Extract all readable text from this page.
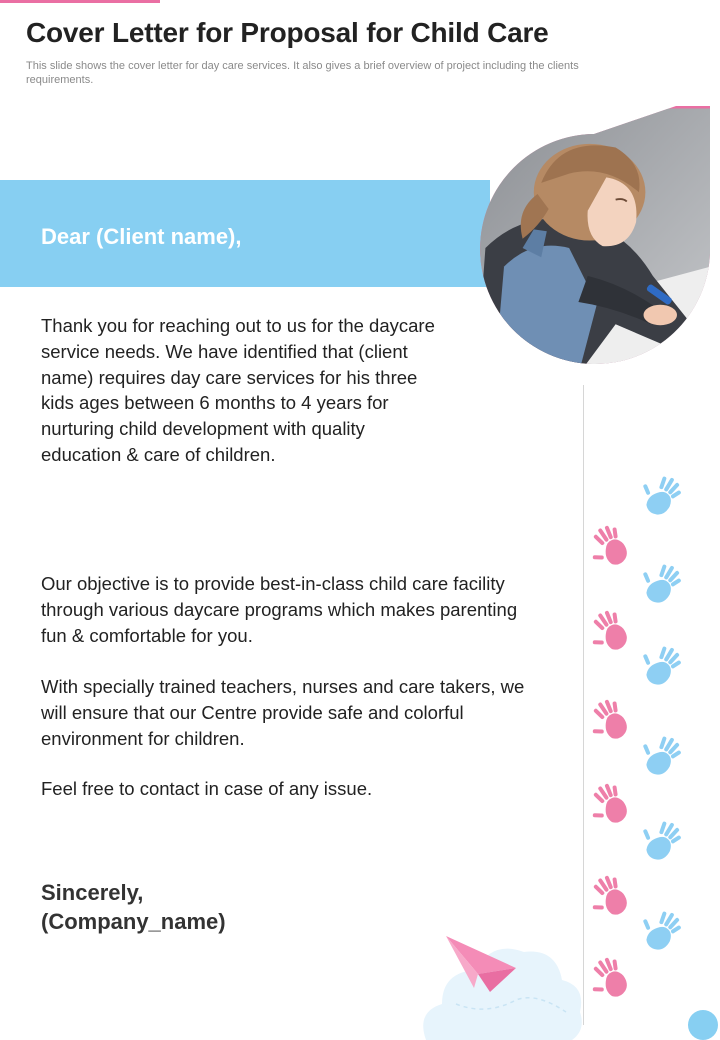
Cover Letter for Proposal for Child Care

This slide shows the cover letter for day care services. It also gives a brief overview of project including the clients requirements.

Dear (Client name),

Thank you for reaching out to us for the daycare service needs. We have identified that (client name) requires day care services for his three kids ages between 6 months to 4 years for nurturing child development with quality education & care of children.

Our objective is to provide best-in-class child care facility through various daycare programs which makes parenting fun & comfortable for you.

With specially trained teachers, nurses and care takers, we will ensure that our Centre provide safe and colorful environment for children.

Feel free to contact in case of any issue.

Sincerely,
(Company_name)
